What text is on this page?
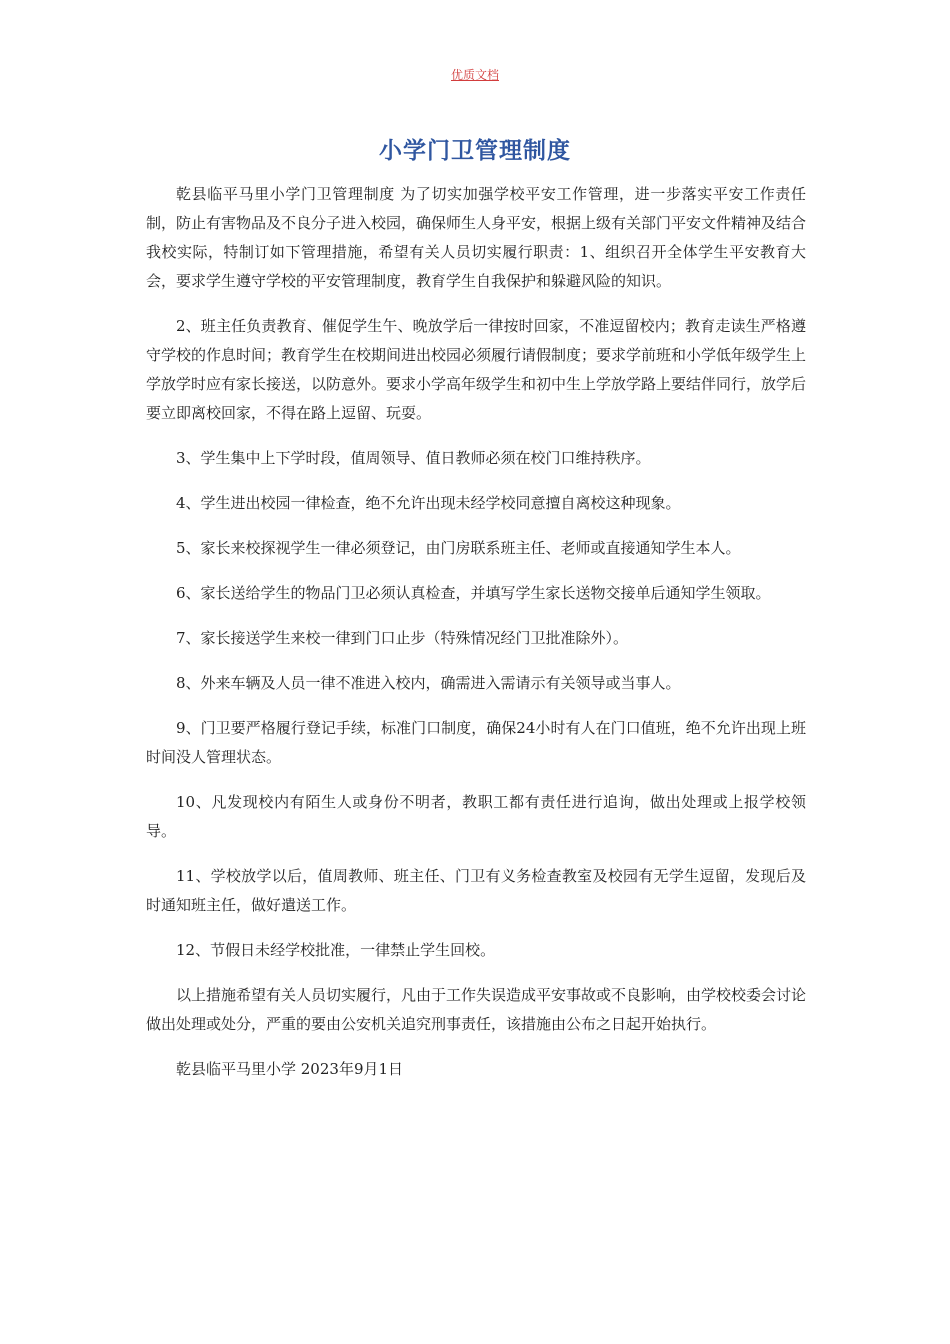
优质文档
小学门卫管理制度

乾县临平马里小学门卫管理制度 为了切实加强学校平安工作管理，进一步落实平安工作责任制，防止有害物品及不良分子进入校园，确保师生人身平安，根据上级有关部门平安文件精神及结合我校实际，特制订如下管理措施，希望有关人员切实履行职责：1、组织召开全体学生平安教育大会，要求学生遵守学校的平安管理制度，教育学生自我保护和躲避风险的知识。

2、班主任负责教育、催促学生午、晚放学后一律按时回家，不准逗留校内；教育走读生严格遵守学校的作息时间；教育学生在校期间进出校园必须履行请假制度；要求学前班和小学低年级学生上学放学时应有家长接送，以防意外。要求小学高年级学生和初中生上学放学路上要结伴同行，放学后要立即离校回家，不得在路上逗留、玩耍。

3、学生集中上下学时段，值周领导、值日教师必须在校门口维持秩序。

4、学生进出校园一律检查，绝不允许出现未经学校同意擅自离校这种现象。

5、家长来校探视学生一律必须登记，由门房联系班主任、老师或直接通知学生本人。

6、家长送给学生的物品门卫必须认真检查，并填写学生家长送物交接单后通知学生领取。

7、家长接送学生来校一律到门口止步（特殊情况经门卫批准除外）。

8、外来车辆及人员一律不准进入校内，确需进入需请示有关领导或当事人。

9、门卫要严格履行登记手续，标准门口制度，确保24小时有人在门口值班，绝不允许出现上班时间没人管理状态。

10、凡发现校内有陌生人或身份不明者，教职工都有责任进行追询，做出处理或上报学校领导。

11、学校放学以后，值周教师、班主任、门卫有义务检查教室及校园有无学生逗留，发现后及时通知班主任，做好遣送工作。

12、节假日未经学校批准，一律禁止学生回校。

以上措施希望有关人员切实履行，凡由于工作失误造成平安事故或不良影响，由学校校委会讨论做出处理或处分，严重的要由公安机关追究刑事责任，该措施由公布之日起开始执行。

乾县临平马里小学 2023年9月1日
